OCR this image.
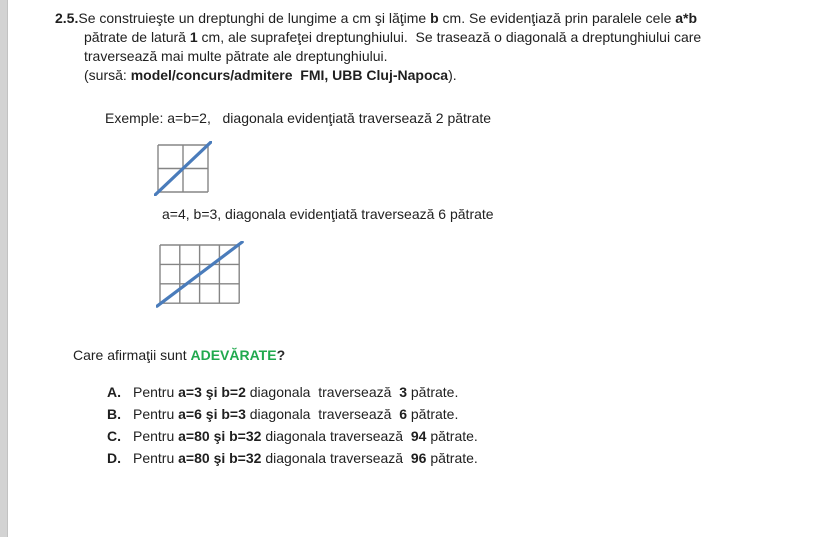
2.5.Se construieşte un dreptunghi de lungime a cm şi lăţime b cm. Se evidenţiază prin paralele cele a*b
pătrate de latură 1 cm, ale suprafeţei dreptunghiului.  Se trasează o diagonală a dreptunghiului care
traversează mai multe pătrate ale dreptunghiului.
(sursă: model/concurs/admitere  FMI, UBB Cluj-Napoca).
Exemple: a=b=2,   diagonala evidenţiată traversează 2 pătrate
a=4, b=3, diagonala evidenţiată traversează 6 pătrate
Care afirmaţii sunt ADEVĂRATE?
A. Pentru a=3 şi b=2 diagonala  traversează  3 pătrate.
B. Pentru a=6 şi b=3 diagonala  traversează  6 pătrate.
C. Pentru a=80 şi b=32 diagonala traversează  94 pătrate.
D. Pentru a=80 şi b=32 diagonala traversează  96 pătrate.
